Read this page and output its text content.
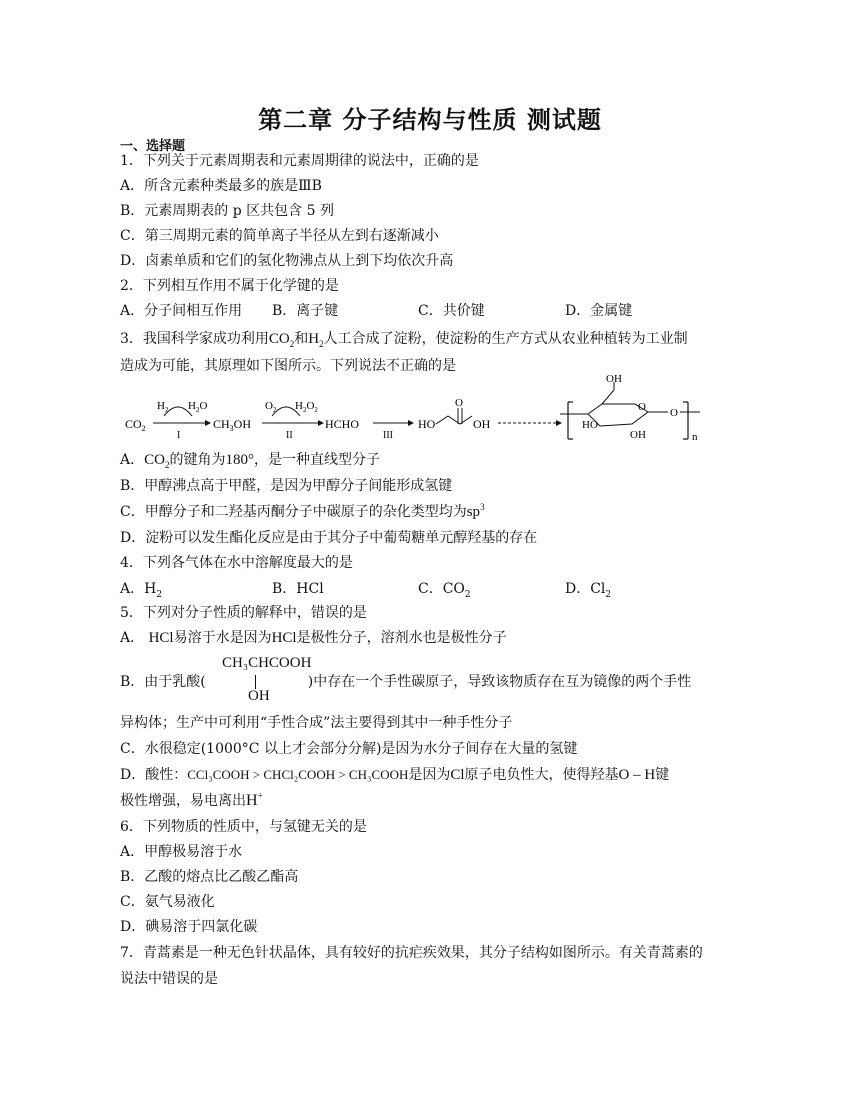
第二章 分子结构与性质 测试题
一、选择题
1．下列关于元素周期表和元素周期律的说法中，正确的是
A．所含元素种类最多的族是ⅢB
B．元素周期表的 p 区共包含 5 列
C．第三周期元素的简单离子半径从左到右逐渐减小
D．卤素单质和它们的氢化物沸点从上到下均依次升高
2．下列相互作用不属于化学键的是
A．分子间相互作用 B．离子键	C．共价键	D．金属键
3．我国科学家成功利用$CO_2$和$H_2$人工合成了淀粉，使淀粉的生产方式从农业种植转为工业制
造成为可能，其原理如下图所示。下列说法不正确的是
$CO_2$
$H_2$ $H_2O$
I
$CH_3OH$
$O_2$ $H_2O_2$
II
HCHO
III
HO
O
OH
OH
O
HO
OH
O
n
A．$CO_2$的键角为180°，是一种直线型分子
B．甲醇沸点高于甲醛，是因为甲醇分子间能形成氢键
C．甲醇分子和二羟基丙酮分子中碳原子的杂化类型均为$sp^3$
D．淀粉可以发生酯化反应是由于其分子中葡萄糖单元醇羟基的存在
4．下列各气体在水中溶解度最大的是
A．$H_2$	B．HCl	C．$CO_2$	D．$Cl_2$
5．下列对分子性质的解释中，错误的是
A． HCl易溶于水是因为HCl是极性分子，溶剂水也是极性分子
B．由于乳酸(	)中存在一个手性碳原子，导致该物质存在互为镜像的两个手性
CH₃CHCOOH
OH
异构体；生产中可利用“手性合成”法主要得到其中一种手性分子
C．水很稳定(1000°C 以上才会部分分解)是因为水分子间存在大量的氢键
D．酸性：CCl₃COOH > CHCl₂COOH > CH₃COOH是因为Cl原子电负性大，使得羟基O – H键
极性增强，易电离出H+
6．下列物质的性质中，与氢键无关的是
A．甲醇极易溶于水
B．乙酸的熔点比乙酸乙酯高
C．氨气易液化
D．碘易溶于四氯化碳
7．青蒿素是一种无色针状晶体，具有较好的抗疟疾效果，其分子结构如图所示。有关青蒿素的
说法中错误的是
